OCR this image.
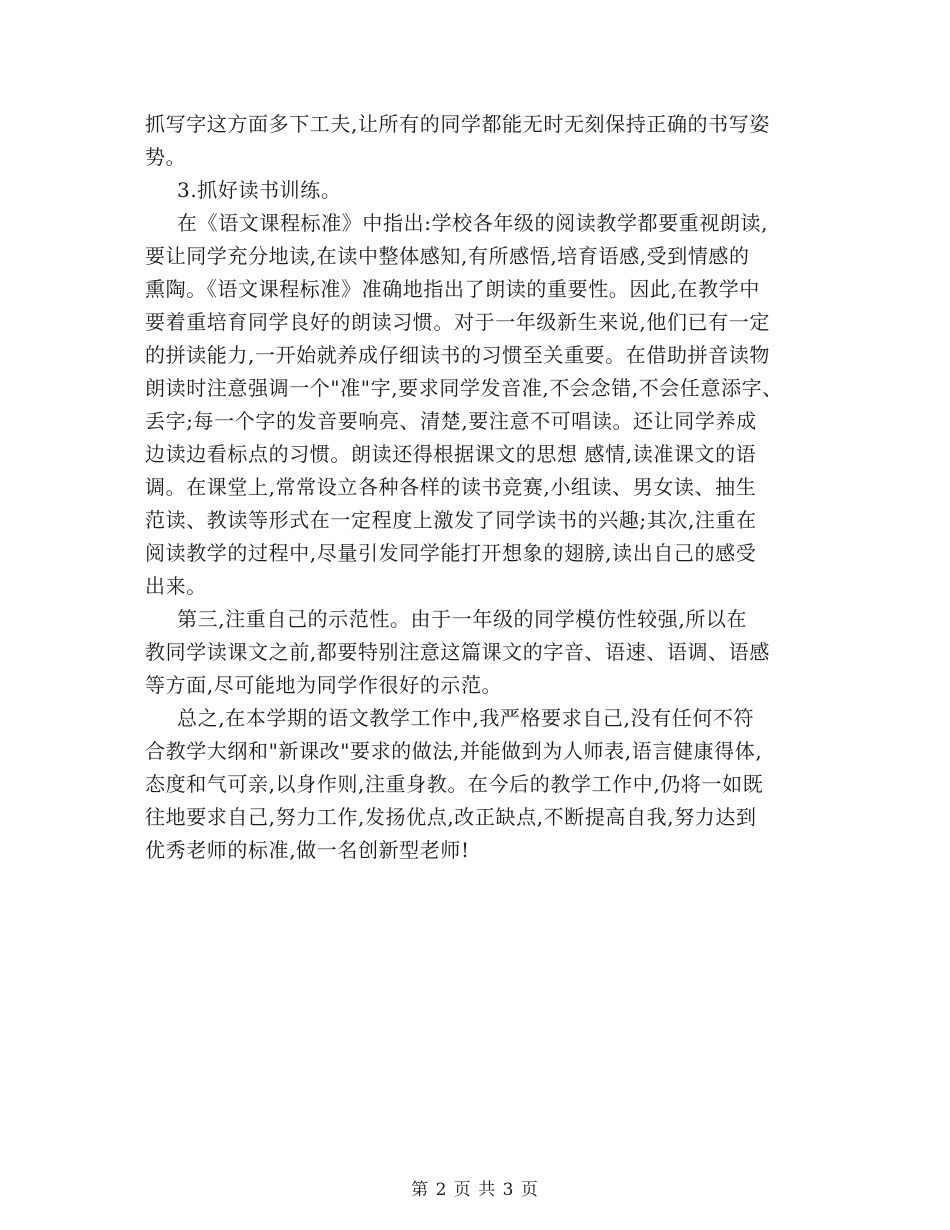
抓写字这方面多下工夫,让所有的同学都能无时无刻保持正确的书写姿
势。
3.抓好读书训练。
在《语文课程标准》中指出:学校各年级的阅读教学都要重视朗读,
要让同学充分地读,在读中整体感知,有所感悟,培育语感,受到情感的
熏陶。《语文课程标准》准确地指出了朗读的重要性。因此,在教学中
要着重培育同学良好的朗读习惯。对于一年级新生来说,他们已有一定
的拼读能力,一开始就养成仔细读书的习惯至关重要。在借助拼音读物
朗读时注意强调一个"准"字,要求同学发音准,不会念错,不会任意添字、
丢字;每一个字的发音要响亮、清楚,要注意不可唱读。还让同学养成
边读边看标点的习惯。朗读还得根据课文的思想 感情,读准课文的语
调。在课堂上,常常设立各种各样的读书竞赛,小组读、男女读、抽生
范读、教读等形式在一定程度上激发了同学读书的兴趣;其次,注重在
阅读教学的过程中,尽量引发同学能打开想象的翅膀,读出自己的感受
出来。
第三,注重自己的示范性。由于一年级的同学模仿性较强,所以在
教同学读课文之前,都要特别注意这篇课文的字音、语速、语调、语感
等方面,尽可能地为同学作很好的示范。
总之,在本学期的语文教学工作中,我严格要求自己,没有任何不符
合教学大纲和"新课改"要求的做法,并能做到为人师表,语言健康得体,
态度和气可亲,以身作则,注重身教。在今后的教学工作中,仍将一如既
往地要求自己,努力工作,发扬优点,改正缺点,不断提高自我,努力达到
优秀老师的标准,做一名创新型老师!
第 2 页 共 3 页
